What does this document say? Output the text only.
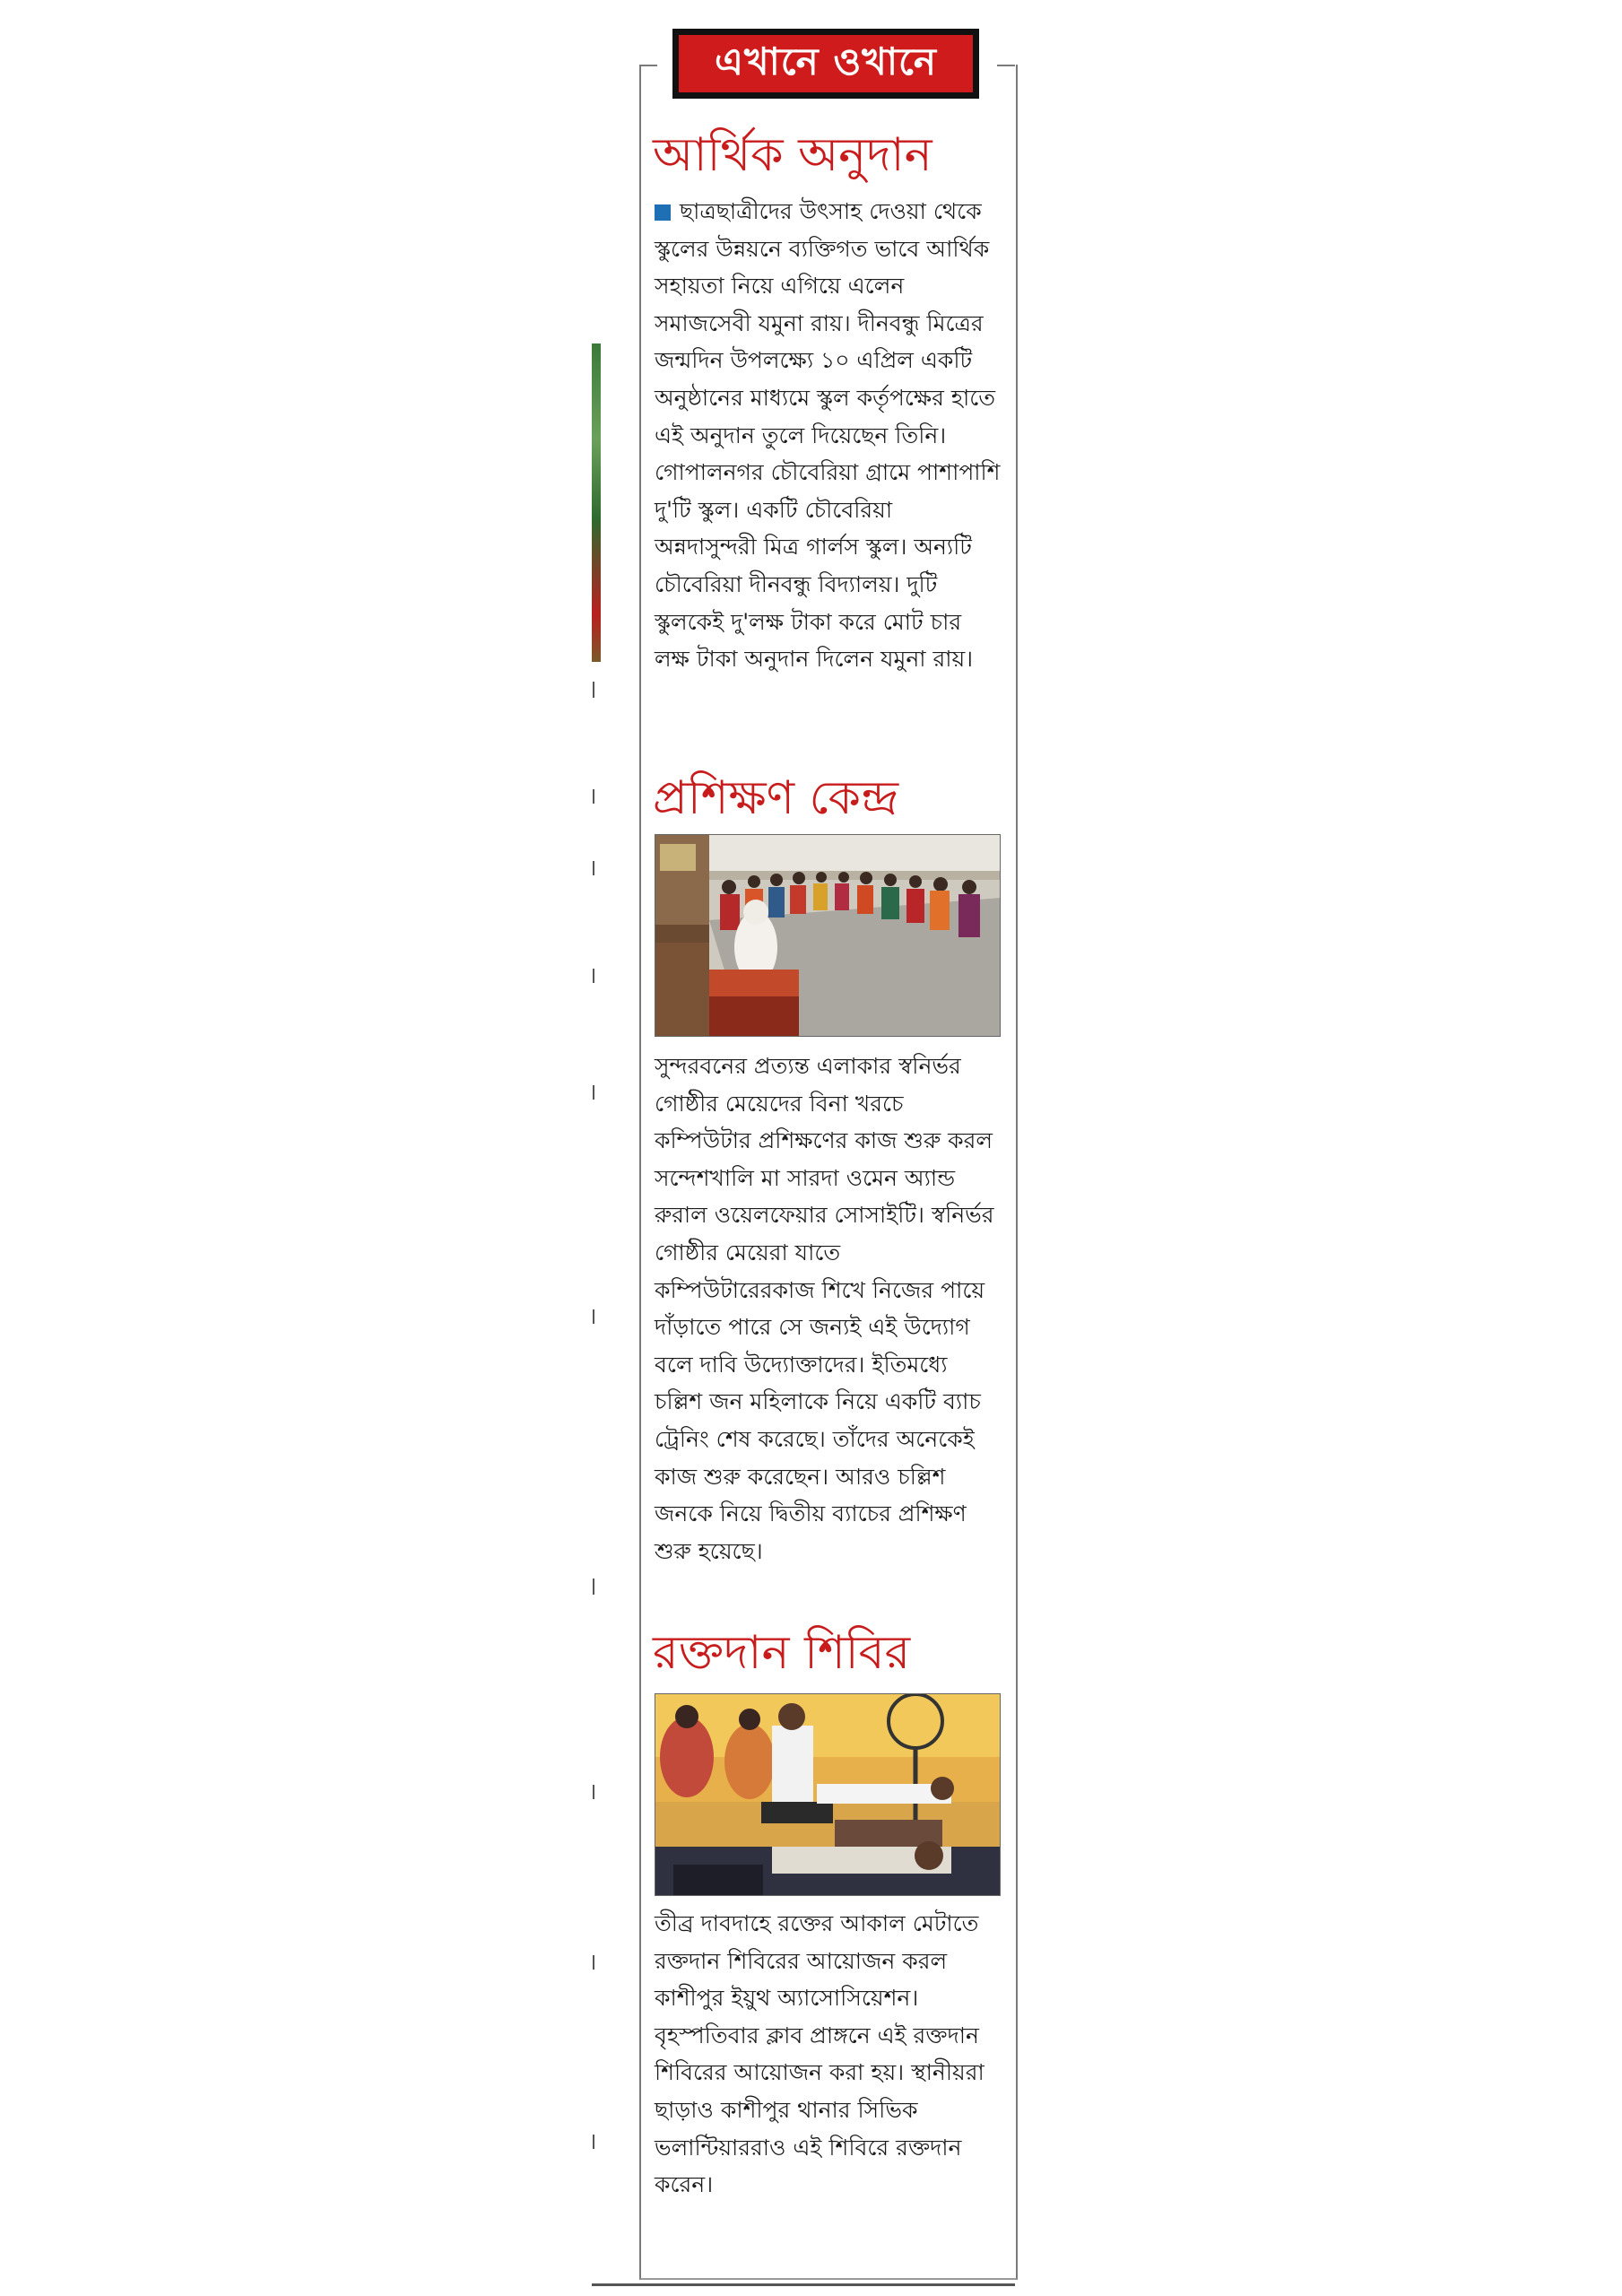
এখানে ওখানে
আর্থিক অনুদান
ছাত্রছাত্রীদের উৎসাহ দেওয়া থেকে স্কুলের উন্নয়নে ব্যক্তিগত ভাবে আর্থিক সহায়তা নিয়ে এগিয়ে এলেন সমাজসেবী যমুনা রায়। দীনবন্ধু মিত্রের জন্মদিন উপলক্ষ্যে ১০ এপ্রিল একটি অনুষ্ঠানের মাধ্যমে স্কুল কর্তৃপক্ষের হাতে এই অনুদান তুলে দিয়েছেন তিনি। গোপালনগর চৌবেরিয়া গ্রামে পাশাপাশি দু'টি স্কুল। একটি চৌবেরিয়া অন্নদাসুন্দরী মিত্র গার্লস স্কুল। অন্যটি চৌবেরিয়া দীনবন্ধু বিদ্যালয়। দুটি স্কুলকেই দু'লক্ষ টাকা করে মোট চার লক্ষ টাকা অনুদান দিলেন যমুনা রায়।
প্রশিক্ষণ কেন্দ্র
সুন্দরবনের প্রত্যন্ত এলাকার স্বনির্ভর গোষ্ঠীর মেয়েদের বিনা খরচে কম্পিউটার প্রশিক্ষণের কাজ শুরু করল সন্দেশখালি মা সারদা ওমেন অ্যান্ড রুরাল ওয়েলফেয়ার সোসাইটি। স্বনির্ভর গোষ্ঠীর মেয়েরা যাতে কম্পিউটারেরকাজ শিখে নিজের পায়ে দাঁড়াতে পারে সে জন্যই এই উদ্যোগ বলে দাবি উদ্যোক্তাদের। ইতিমধ্যে চল্লিশ জন মহিলাকে নিয়ে একটি ব্যাচ ট্রেনিং শেষ করেছে। তাঁদের অনেকেই কাজ শুরু করেছেন। আরও চল্লিশ জনকে নিয়ে দ্বিতীয় ব্যাচের প্রশিক্ষণ শুরু হয়েছে।
রক্তদান শিবির
তীব্র দাবদাহে রক্তের আকাল মেটাতে রক্তদান শিবিরের আয়োজন করল কাশীপুর ইয়ুথ অ্যাসোসিয়েশন। বৃহস্পতিবার ক্লাব প্রাঙ্গনে এই রক্তদান শিবিরের আয়োজন করা হয়। স্থানীয়রা ছাড়াও কাশীপুর থানার সিভিক ভলান্টিয়াররাও এই শিবিরে রক্তদান করেন।
